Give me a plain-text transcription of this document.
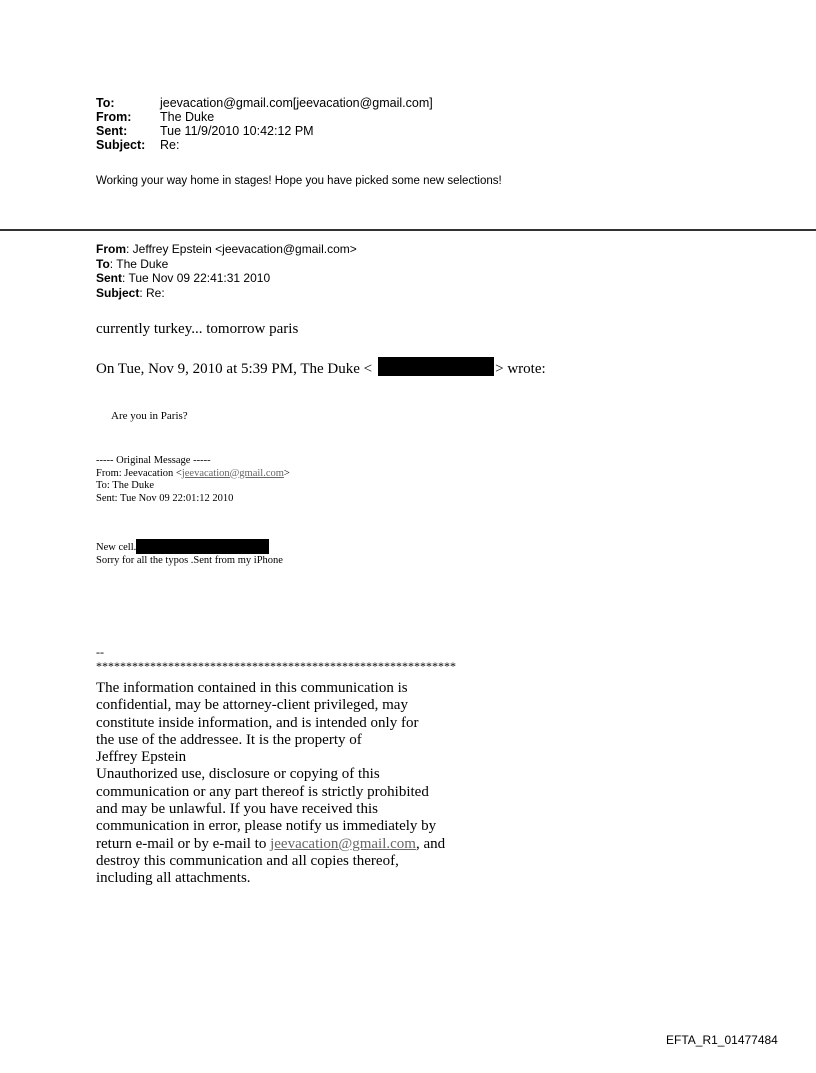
To:	jeevacation@gmail.com[jeevacation@gmail.com]
From:	The Duke
Sent:	Tue 11/9/2010 10:42:12 PM
Subject:	Re:
Working your way home in stages! Hope you have picked some new selections!
From: Jeffrey Epstein <jeevacation@gmail.com>
To: The Duke
Sent: Tue Nov 09 22:41:31 2010
Subject: Re:
currently turkey... tomorrow paris
On Tue, Nov 9, 2010 at 5:39 PM, The Duke <	> wrote:
Are you in Paris?
----- Original Message -----
From: Jeevacation <jeevacation@gmail.com>
To: The Duke
Sent: Tue Nov 09 22:01:12 2010
New cell.
Sorry for all the typos .Sent from my iPhone
--
************************************************************
The information contained in this communication is
confidential, may be attorney-client privileged, may
constitute inside information, and is intended only for
the use of the addressee. It is the property of
Jeffrey Epstein
Unauthorized use, disclosure or copying of this
communication or any part thereof is strictly prohibited
and may be unlawful. If you have received this
communication in error, please notify us immediately by
return e-mail or by e-mail to jeevacation@gmail.com, and
destroy this communication and all copies thereof,
including all attachments.
EFTA_R1_01477484
